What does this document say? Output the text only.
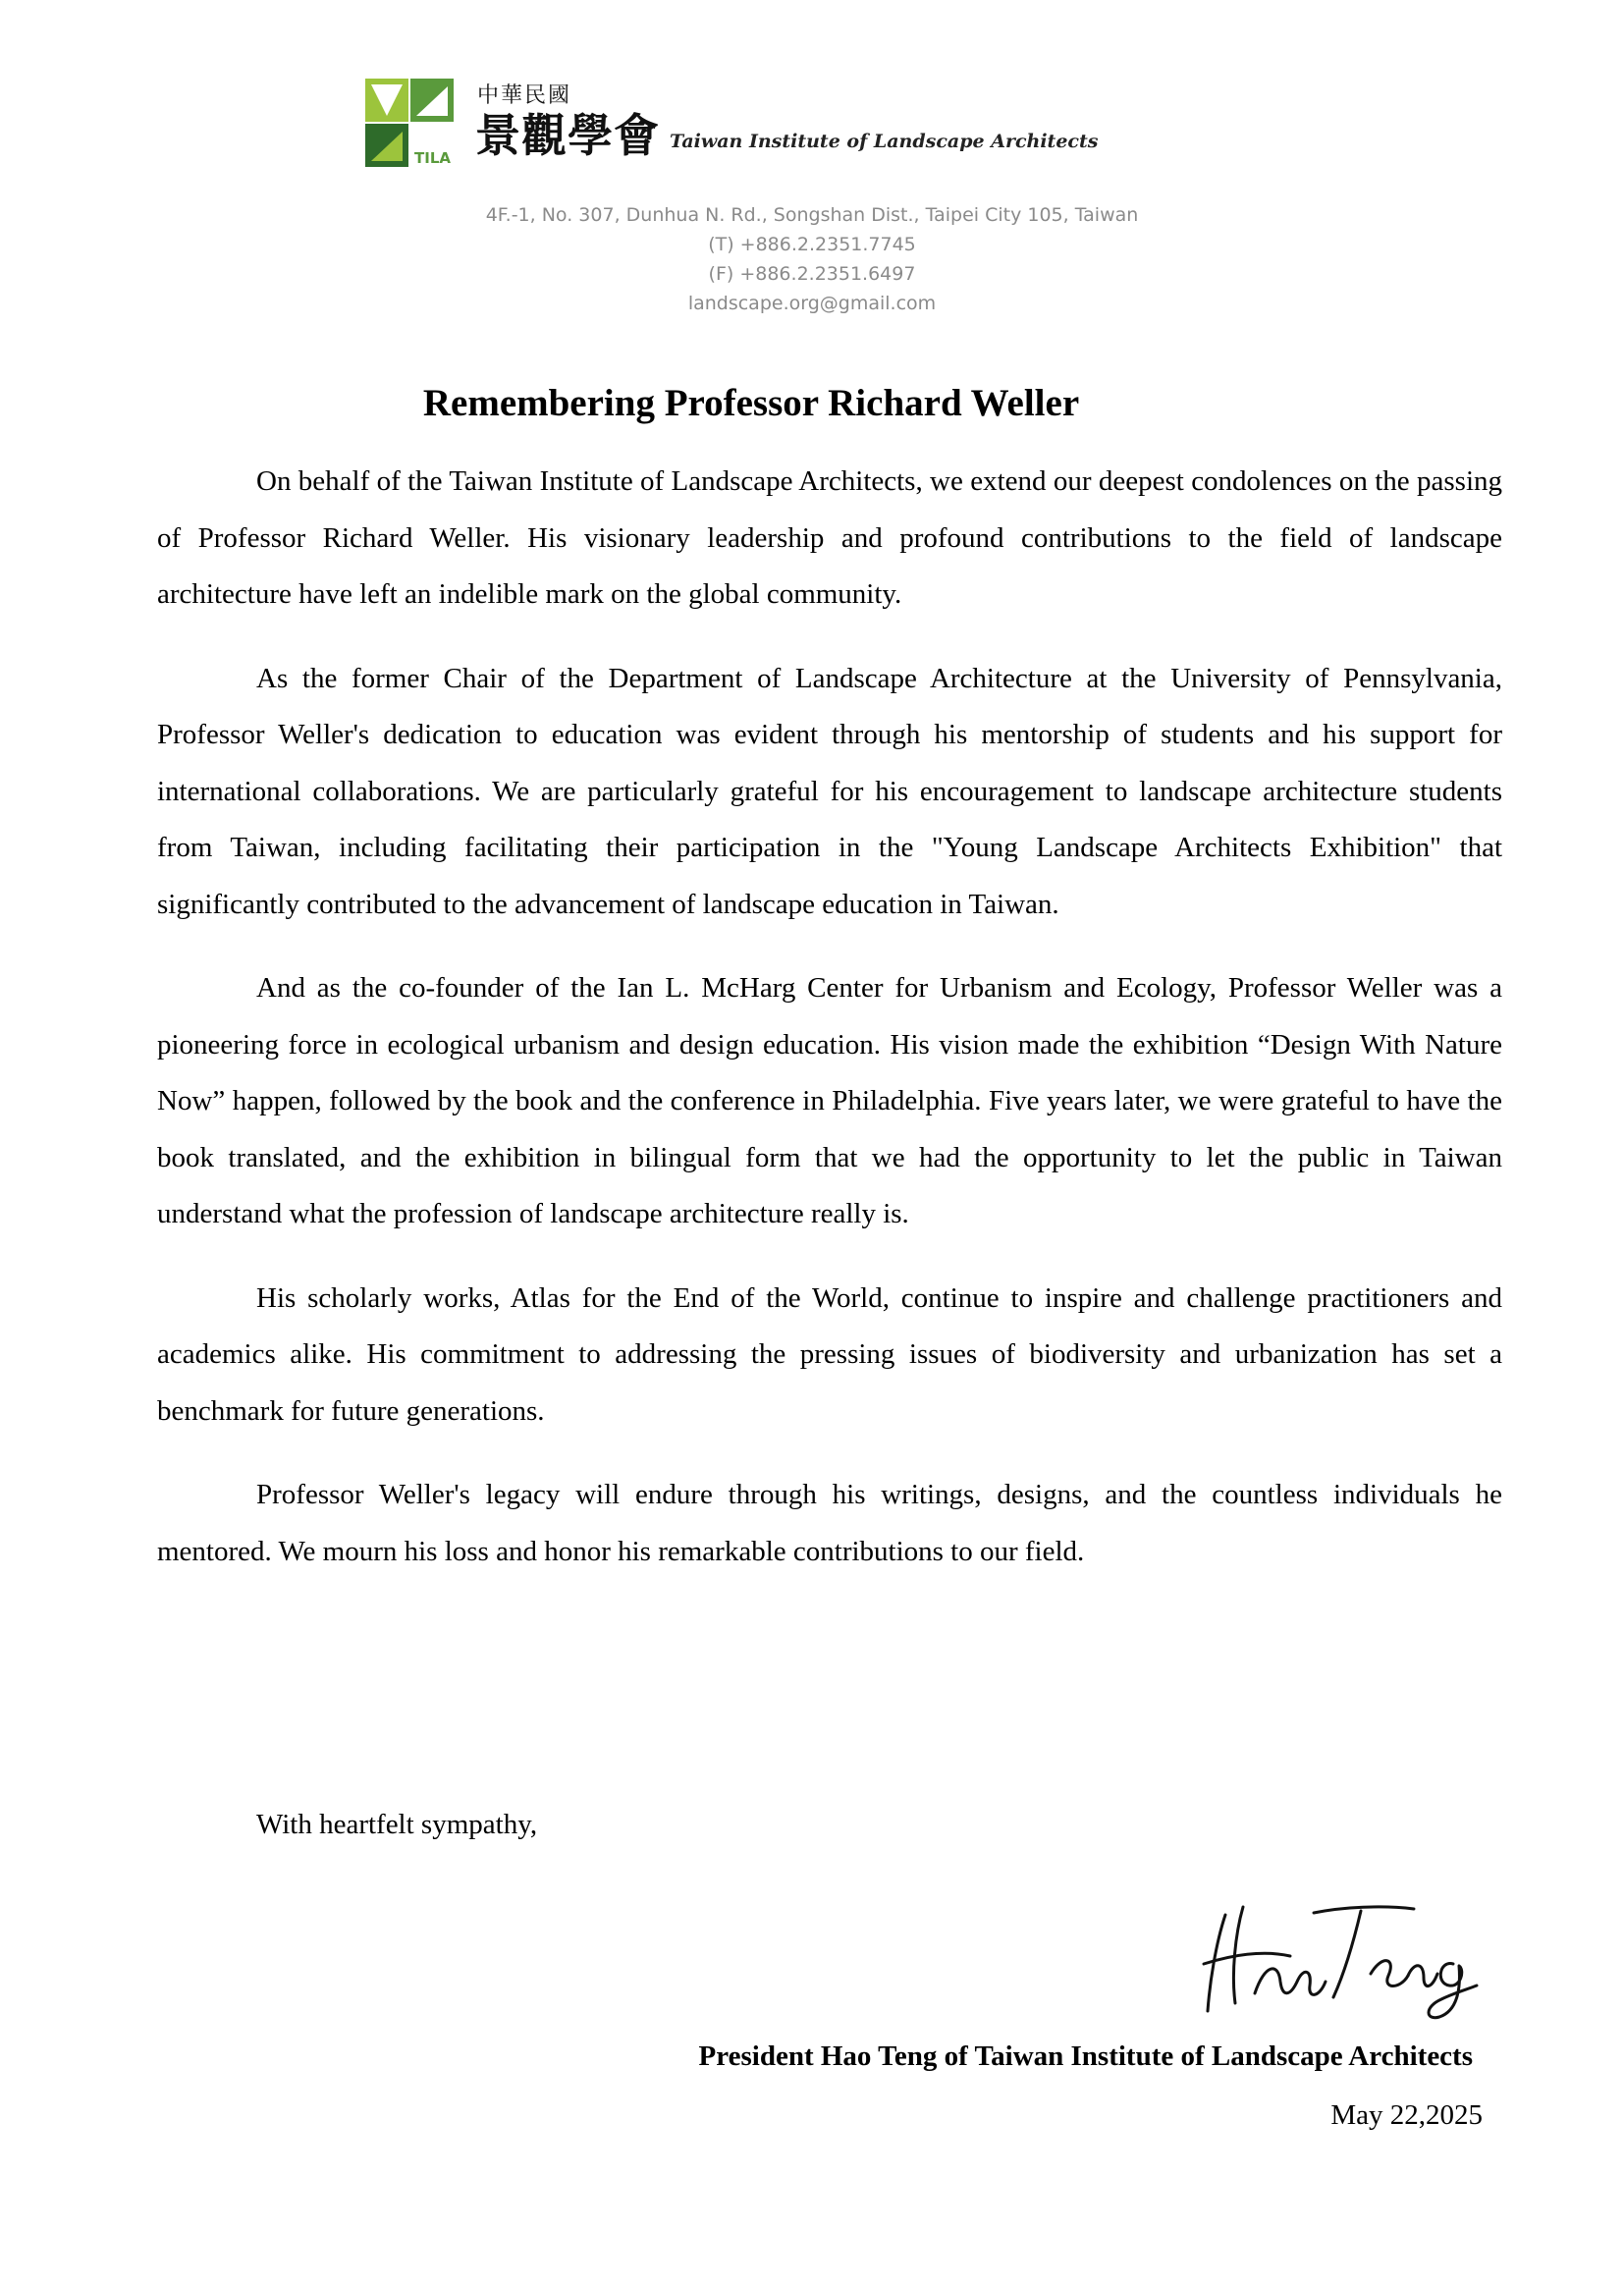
TILA
中華民國
景觀學會 Taiwan Institute of Landscape Architects
4F.-1, No. 307, Dunhua N. Rd., Songshan Dist., Taipei City 105, Taiwan
(T) +886.2.2351.7745
(F) +886.2.2351.6497
landscape.org@gmail.com
Remembering Professor Richard Weller

On behalf of the Taiwan Institute of Landscape Architects, we extend our deepest condolences on the passing of Professor Richard Weller. His visionary leadership and profound contributions to the field of landscape architecture have left an indelible mark on the global community.

As the former Chair of the Department of Landscape Architecture at the University of Pennsylvania, Professor Weller's dedication to education was evident through his mentorship of students and his support for international collaborations. We are particularly grateful for his encouragement to landscape architecture students from Taiwan, including facilitating their participation in the "Young Landscape Architects Exhibition" that significantly contributed to the advancement of landscape education in Taiwan.

And as the co-founder of the Ian L. McHarg Center for Urbanism and Ecology, Professor Weller was a pioneering force in ecological urbanism and design education. His vision made the exhibition “Design With Nature Now” happen, followed by the book and the conference in Philadelphia. Five years later, we were grateful to have the book translated, and the exhibition in bilingual form that we had the opportunity to let the public in Taiwan understand what the profession of landscape architecture really is.

His scholarly works, Atlas for the End of the World, continue to inspire and challenge practitioners and academics alike. His commitment to addressing the pressing issues of biodiversity and urbanization has set a benchmark for future generations.

Professor Weller's legacy will endure through his writings, designs, and the countless individuals he mentored. We mourn his loss and honor his remarkable contributions to our field.

With heartfelt sympathy,
President Hao Teng of Taiwan Institute of Landscape Architects
May 22,2025
